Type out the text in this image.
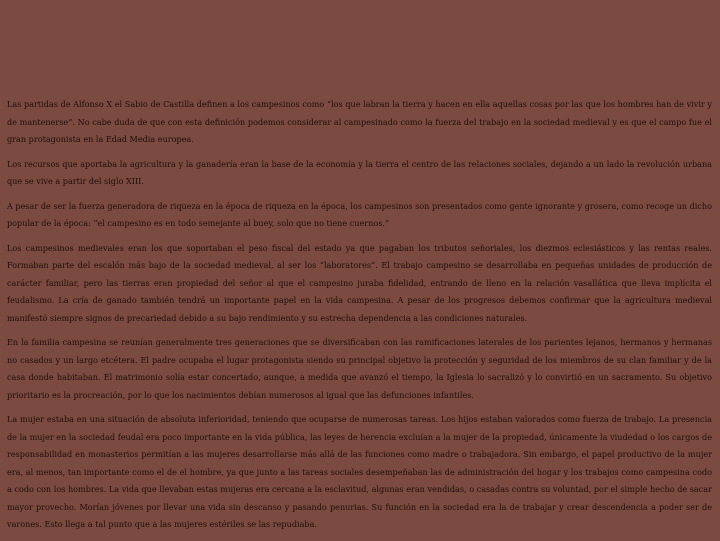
Las partidas de Alfonso X el Sabio de Castilla definen a los campesinos como “los que labran la tierra y hacen en ella aquellas cosas por las que los hombres han de vivir y de mantenerse”. No cabe duda de que con esta definición podemos considerar al campesinado como la fuerza del trabajo en la sociedad medieval y es que el campo fue el gran protagonista en la Edad Media europea.

Los recursos que aportaba la agricultura y la ganadería eran la base de la economía y la tierra el centro de las relaciones sociales, dejando a un lado la revolución urbana que se vive a partir del siglo XIII.

A pesar de ser la fuerza generadora de riqueza en la época de riqueza en la época, los campesinos son presentados como gente ignorante y grosera, como recoge un dicho popular de la época: “el campesino es en todo semejante al buey, solo que no tiene cuernos.”

Los campesinos medievales eran los que soportaban el peso fiscal del estado ya que pagaban los tributos señoriales, los diezmos eclesiásticos y las rentas reales. Formaban parte del escalón más bajo de la sociedad medieval, al ser los “laboratores”. El trabajo campesino se desarrollaba en pequeñas unidades de producción de carácter familiar, pero las tierras eran propiedad del señor al que el campesino juraba fidelidad, entrando de lleno en la relación vasallática que lleva implícita el feudalismo. La cría de ganado también tendrá un importante papel en la vida campesina. A pesar de los progresos debemos confirmar que la agricultura medieval manifestó siempre signos de precariedad debido a su bajo rendimiento y su estrecha dependencia a las condiciones naturales.

En la familia campesina se reunían generalmente tres generaciones que se diversificaban con las ramificaciones laterales de los parientes lejanos, hermanos y hermanas no casados y un largo etcétera. El padre ocupaba el lugar protagonista siendo su principal objetivo la protección y seguridad de los miembros de su clan familiar y de la casa donde habitaban. El matrimonio solía estar concertado, aunque, a medida que avanzó el tiempo, la Iglesia lo sacralizó y lo convirtió en un sacramento. Su objetivo prioritario es la procreación, por lo que los nacimientos debían numerosos al igual que las defunciones infantiles.

La mujer estaba en una situación de absoluta inferioridad, teniendo que ocuparse de numerosas tareas. Los hijos estaban valorados como fuerza de trabajo. La presencia de la mujer en la sociedad feudal era poco importante en la vida pública, las leyes de herencia excluían a la mujer de la propiedad, únicamente la viudedad o los cargos de responsabilidad en monasterios permitían a las mujeres desarrollarse más allá de las funciones como madre o trabajadora. Sin embargo, el papel productivo de la mujer era, al menos, tan importante como el de el hombre, ya que junto a las tareas sociales desempeñaban las de administración del hogar y los trabajos como campesina codo a codo con los hombres. La vida que llevaban estas mujeras era cercana a la esclavitud, algunas eran vendidas, o casadas contra su voluntad, por el simple hecho de sacar mayor provecho. Morían jóvenes por llevar una vida sin descanso y pasando penurias. Su función en la sociedad era la de trabajar y crear descendencia a poder ser de varones. Esto llega a tal punto que a las mujeres estériles se las repudiaba.
